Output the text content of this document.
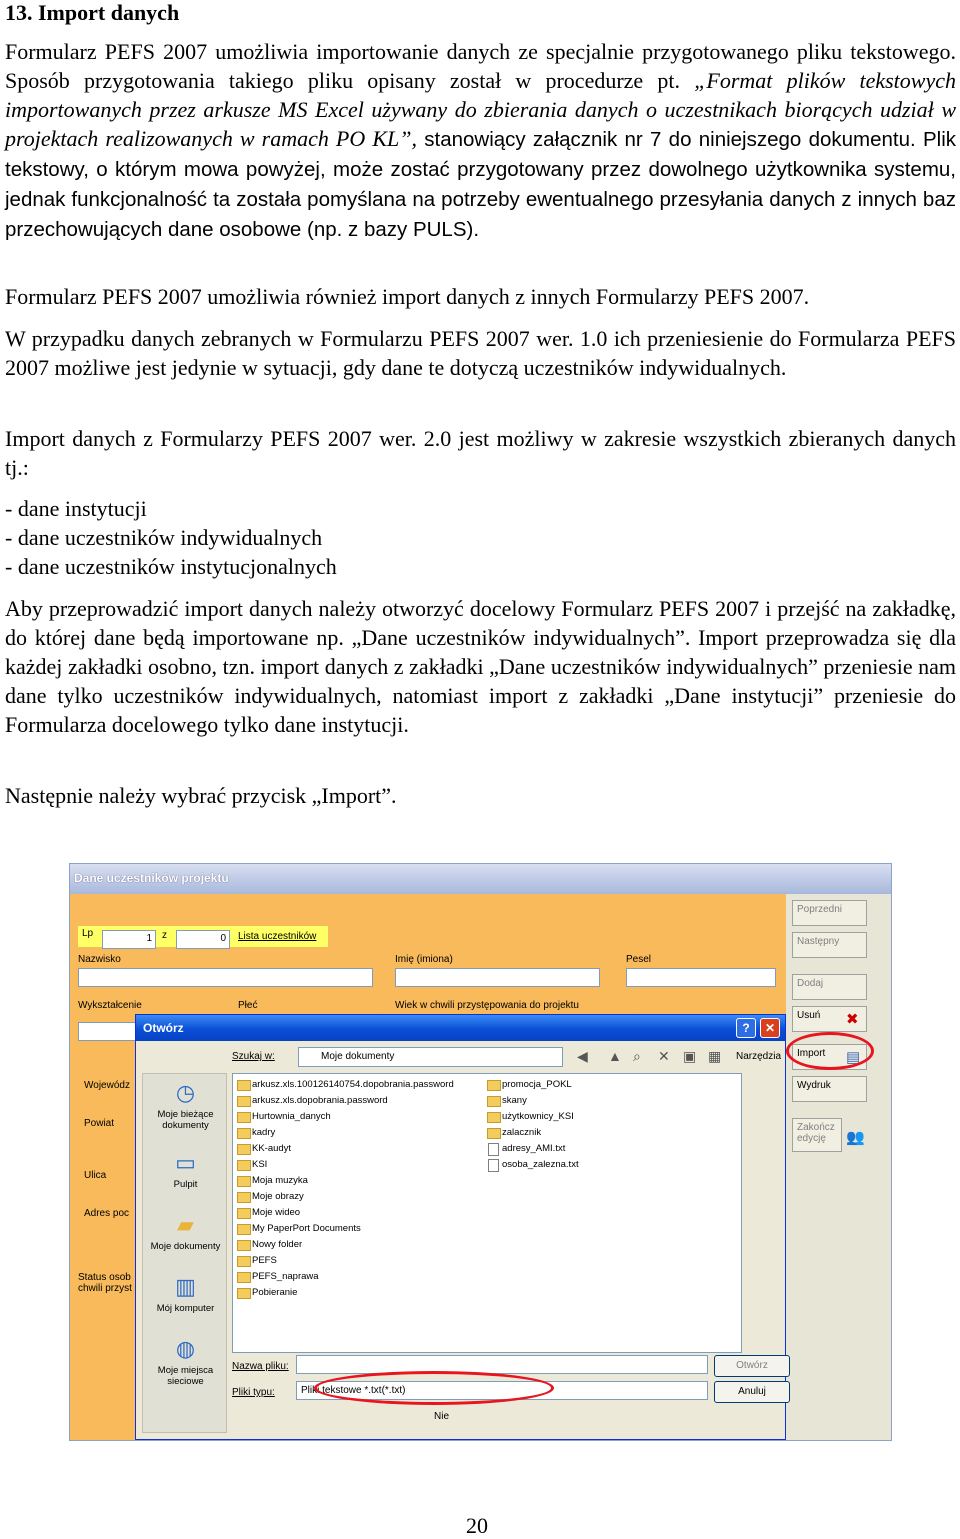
13. Import danych

Formularz PEFS 2007 umożliwia importowanie danych ze specjalnie przygotowanego pliku tekstowego. Sposób przygotowania takiego pliku opisany został w procedurze pt. „Format plików tekstowych importowanych przez arkusze MS Excel używany do zbierania danych o uczestnikach biorących udział w projektach realizowanych w ramach PO KL”, stanowiący załącznik nr 7 do niniejszego dokumentu. Plik tekstowy, o którym mowa powyżej, może zostać przygotowany przez dowolnego użytkownika systemu, jednak funkcjonalność ta została pomyślana na potrzeby ewentualnego przesyłania danych z innych baz przechowujących dane osobowe (np. z bazy PULS).

Formularz PEFS 2007 umożliwia również import danych z innych Formularzy PEFS 2007.

W przypadku danych zebranych w Formularzu PEFS 2007 wer. 1.0 ich przeniesienie do Formularza PEFS 2007 możliwe jest jedynie w sytuacji, gdy dane te dotyczą uczestników indywidualnych.

Import danych z Formularzy PEFS 2007 wer. 2.0 jest możliwy w zakresie wszystkich zbieranych danych tj.:

- dane instytucji
- dane uczestników indywidualnych
- dane uczestników instytucjonalnych

Aby przeprowadzić import danych należy otworzyć docelowy Formularz PEFS 2007 i przejść na zakładkę, do której dane będą importowane np. „Dane uczestników indywidualnych”. Import przeprowadza się dla każdej zakładki osobno, tzn. import danych z zakładki „Dane uczestników indywidualnych” przeniesie nam dane tylko uczestników indywidualnych, natomiast import z zakładki „Dane instytucji” przeniesie do Formularza docelowego tylko dane instytucji.

Następnie należy wybrać przycisk „Import”.

Dane uczestników projektu
Lp	1	z	0	Lista uczestników
Nazwisko	Imię (imiona)	Pesel
Wykształcenie	Płeć	Wiek w chwili przystępowania do projektu
Wojewódz
Powiat
Ulica
Adres poc
Status osob chwili przyst
Poprzedni
Następny
Dodaj
Usuń	✖
Import	▤
Wydruk
Zakończ edycję	👥
Otwórz	?	✕
Szukaj w:	Moje dokumenty	◀ ▲ ⌕ ✕ ▣ ▦ Narzędzia
◷
Moje bieżące dokumenty
▭
Pulpit
▰
Moje dokumenty
▥
Mój komputer
◍
Moje miejsca sieciowe
arkusz.xls.100126140754.dopobrania.password
arkusz.xls.dopobrania.password
Hurtownia_danych
kadry
KK-audyt
KSI
Moja muzyka
Moje obrazy
Moje wideo
My PaperPort Documents
Nowy folder
PEFS
PEFS_naprawa
Pobieranie
promocja_POKL
skany
użytkownicy_KSI
zalacznik
adresy_AMI.txt
osoba_zalezna.txt
Nazwa pliku:
Pliki typu:	Pliki tekstowe *.txt(*.txt)
Otwórz
Anuluj
Nie
20
